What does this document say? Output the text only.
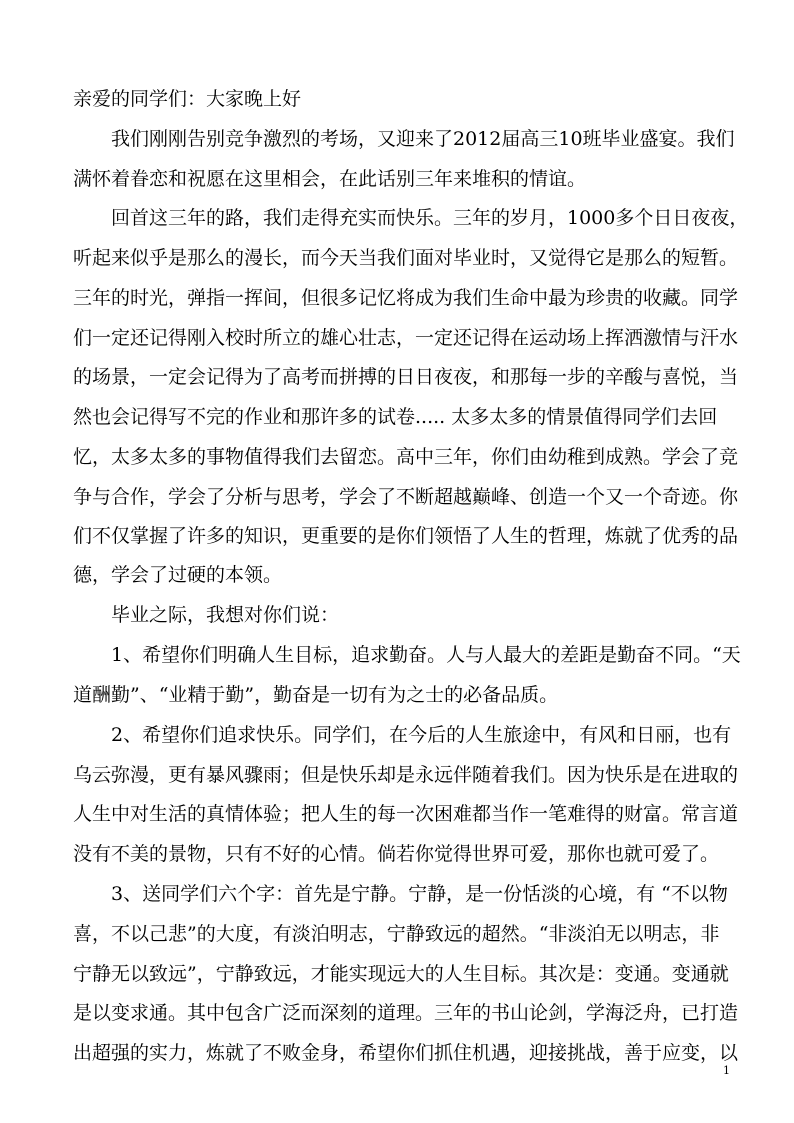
亲爱的同学们：大家晚上好
我们刚刚告别竞争激烈的考场，又迎来了2012届高三10班毕业盛宴。我们
满怀着眷恋和祝愿在这里相会，在此话别三年来堆积的情谊。
回首这三年的路，我们走得充实而快乐。三年的岁月，1000多个日日夜夜，
听起来似乎是那么的漫长，而今天当我们面对毕业时，又觉得它是那么的短暂。
三年的时光，弹指一挥间，但很多记忆将成为我们生命中最为珍贵的收藏。同学
们一定还记得刚入校时所立的雄心壮志，一定还记得在运动场上挥洒激情与汗水
的场景，一定会记得为了高考而拼搏的日日夜夜，和那每一步的辛酸与喜悦，当
然也会记得写不完的作业和那许多的试卷..... 太多太多的情景值得同学们去回
忆，太多太多的事物值得我们去留恋。高中三年，你们由幼稚到成熟。学会了竞
争与合作，学会了分析与思考，学会了不断超越巅峰、创造一个又一个奇迹。你
们不仅掌握了许多的知识，更重要的是你们领悟了人生的哲理，炼就了优秀的品
德，学会了过硬的本领。
毕业之际，我想对你们说：
1、希望你们明确人生目标，追求勤奋。人与人最大的差距是勤奋不同。“天
道酬勤”、“业精于勤”，勤奋是一切有为之士的必备品质。
2、希望你们追求快乐。同学们，在今后的人生旅途中，有风和日丽，也有
乌云弥漫，更有暴风骤雨；但是快乐却是永远伴随着我们。因为快乐是在进取的
人生中对生活的真情体验；把人生的每一次困难都当作一笔难得的财富。常言道
没有不美的景物，只有不好的心情。倘若你觉得世界可爱，那你也就可爱了。
3、送同学们六个字：首先是宁静。宁静，是一份恬淡的心境，有 “不以物
喜，不以己悲”的大度，有淡泊明志，宁静致远的超然。“非淡泊无以明志，非
宁静无以致远”，宁静致远，才能实现远大的人生目标。其次是：变通。变通就
是以变求通。其中包含广泛而深刻的道理。三年的书山论剑，学海泛舟，已打造
出超强的实力，炼就了不败金身，希望你们抓住机遇，迎接挑战，善于应变，以
1
